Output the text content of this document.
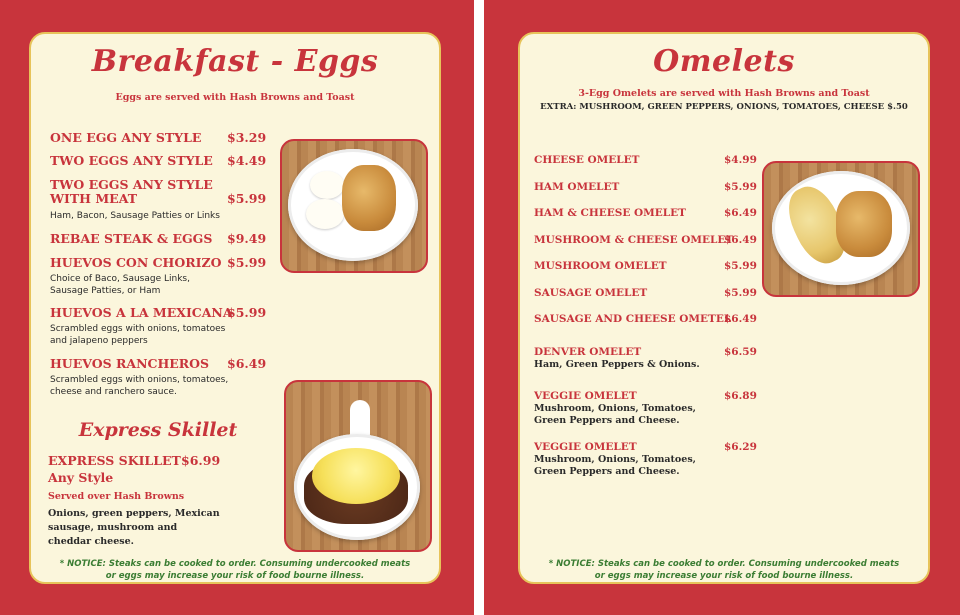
Breakfast - Eggs
Eggs are served with Hash Browns and Toast
ONE EGG ANY STYLE $3.29
TWO EGGS ANY STYLE $4.49
TWO EGGS ANY STYLE
WITH MEAT	$5.99
Ham, Bacon, Sausage Patties or Links
REBAE STEAK & EGGS $9.49
HUEVOS CON CHORIZO $5.99
Choice of Baco, Sausage Links,
Sausage Patties, or Ham
HUEVOS A LA MEXICANA
$5.99
Scrambled eggs with onions, tomatoes
and jalapeno peppers
HUEVOS RANCHEROS $6.49
Scrambled eggs with onions, tomatoes,
cheese and ranchero sauce.
Express Skillet
EXPRESS SKILLET $6.99
Any Style
Served over Hash Browns
Onions, green peppers, Mexican
sausage, mushroom and
cheddar cheese.
* NOTICE: Steaks can be cooked to order. Consuming undercooked meats
or eggs may increase your risk of food bourne illness.
Omelets
3-Egg Omelets are served with Hash Browns and Toast
EXTRA: MUSHROOM, GREEN PEPPERS, ONIONS, TOMATOES, CHEESE $.50
CHEESE OMELET	$4.99
HAM OMELET	$5.99
HAM & CHEESE OMELET	$6.49
MUSHROOM & CHEESE OMELET
$6.49
MUSHROOM OMELET	$5.99
SAUSAGE OMELET	$5.99
SAUSAGE AND CHEESE OMETEL
$6.49
DENVER OMELET	$6.59
Ham, Green Peppers & Onions.
VEGGIE OMELET	$6.89
Mushroom, Onions, Tomatoes,
Green Peppers and Cheese.
VEGGIE OMELET	$6.29
Mushroom, Onions, Tomatoes,
Green Peppers and Cheese.
* NOTICE: Steaks can be cooked to order. Consuming undercooked meats
or eggs may increase your risk of food bourne illness.
